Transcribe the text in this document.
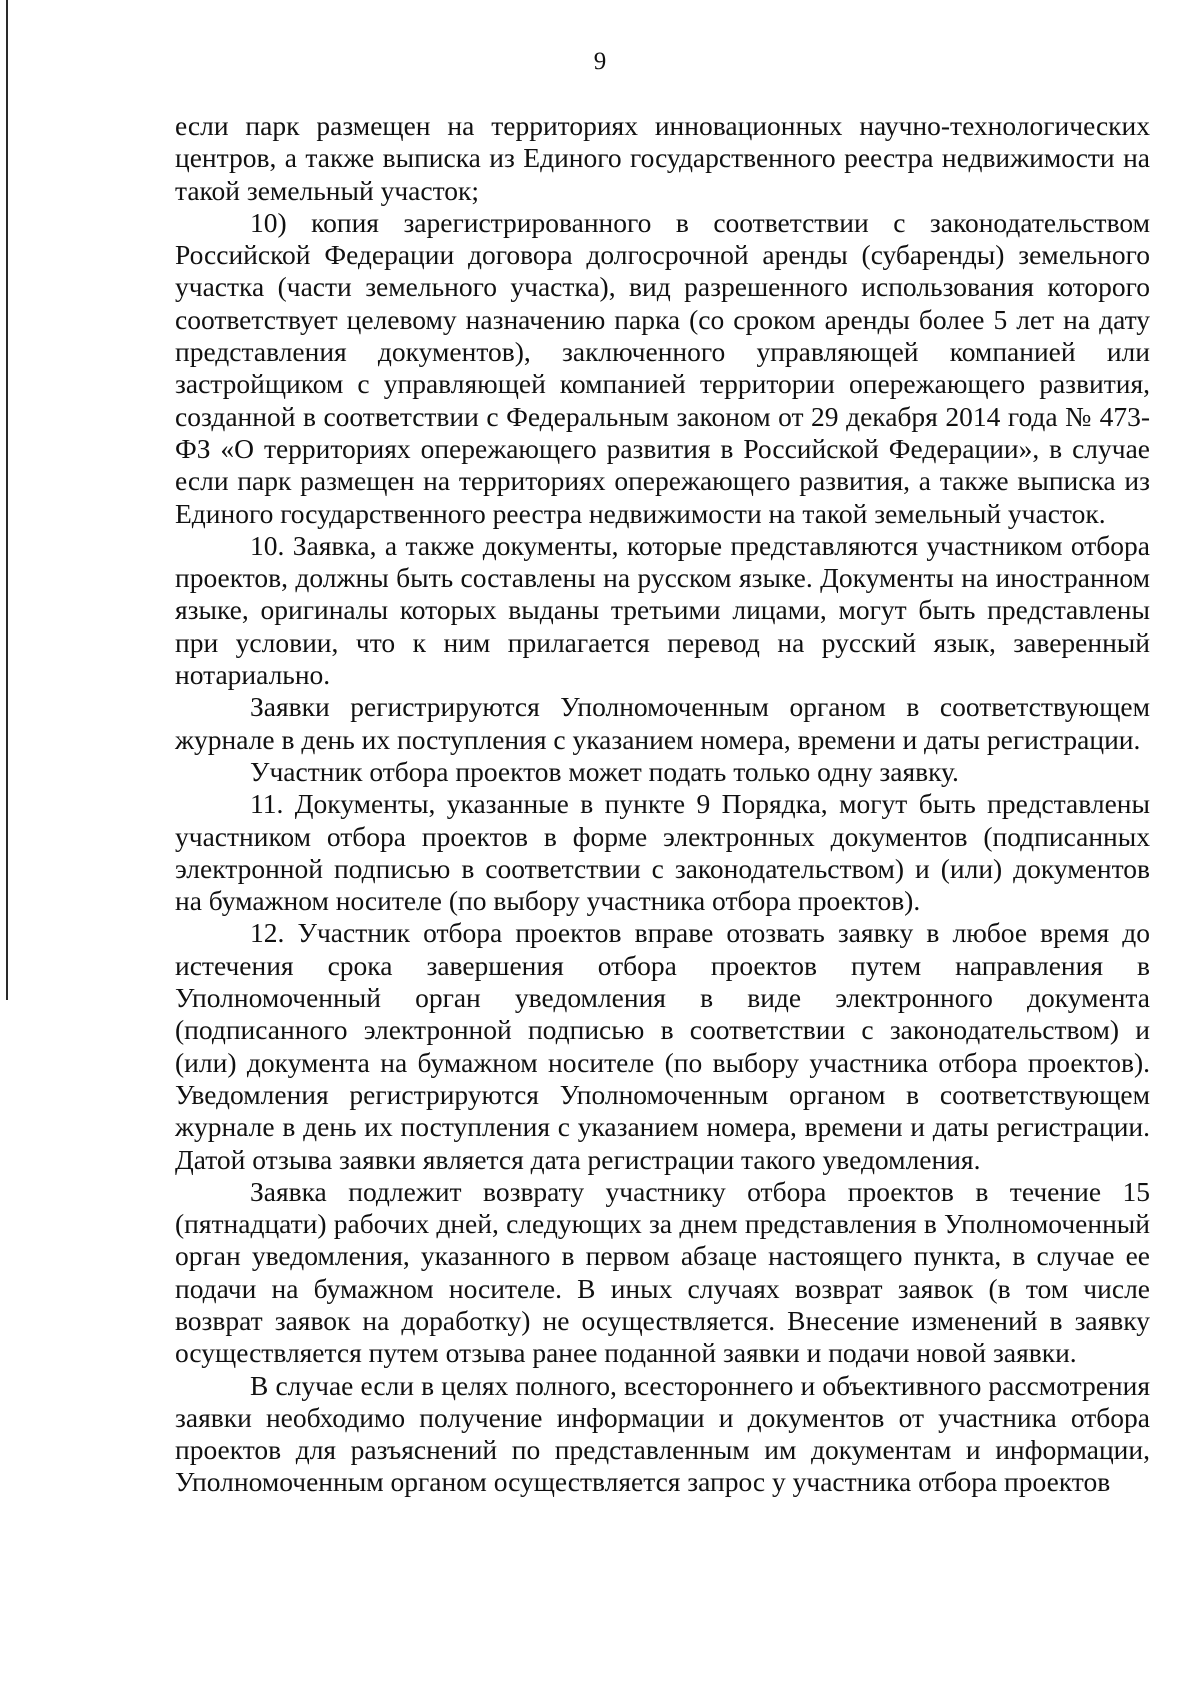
9

если парк размещен на территориях инновационных научно-технологических центров, а также выписка из Единого государственного реестра недвижимости на такой земельный участок;

10) копия зарегистрированного в соответствии с законодательством Российской Федерации договора долгосрочной аренды (субаренды) земельного участка (части земельного участка), вид разрешенного использования которого соответствует целевому назначению парка (со сроком аренды более 5 лет на дату представления документов), заключенного управляющей компанией или застройщиком с управляющей компанией территории опережающего развития, созданной в соответствии с Федеральным законом от 29 декабря 2014 года № 473-ФЗ «О территориях опережающего развития в Российской Федерации», в случае если парк размещен на территориях опережающего развития, а также выписка из Единого государственного реестра недвижимости на такой земельный участок.

10. Заявка, а также документы, которые представляются участником отбора проектов, должны быть составлены на русском языке. Документы на иностранном языке, оригиналы которых выданы третьими лицами, могут быть представлены при условии, что к ним прилагается перевод на русский язык, заверенный нотариально.

Заявки регистрируются Уполномоченным органом в соответствующем журнале в день их поступления с указанием номера, времени и даты регистрации.

Участник отбора проектов может подать только одну заявку.

11. Документы, указанные в пункте 9 Порядка, могут быть представлены участником отбора проектов в форме электронных документов (подписанных электронной подписью в соответствии с законодательством) и (или) документов на бумажном носителе (по выбору участника отбора проектов).

12. Участник отбора проектов вправе отозвать заявку в любое время до истечения срока завершения отбора проектов путем направления в Уполномоченный орган уведомления в виде электронного документа (подписанного электронной подписью в соответствии с законодательством) и (или) документа на бумажном носителе (по выбору участника отбора проектов). Уведомления регистрируются Уполномоченным органом в соответствующем журнале в день их поступления с указанием номера, времени и даты регистрации. Датой отзыва заявки является дата регистрации такого уведомления.

Заявка подлежит возврату участнику отбора проектов в течение 15 (пятнадцати) рабочих дней, следующих за днем представления в Уполномоченный орган уведомления, указанного в первом абзаце настоящего пункта, в случае ее подачи на бумажном носителе. В иных случаях возврат заявок (в том числе возврат заявок на доработку) не осуществляется. Внесение изменений в заявку осуществляется путем отзыва ранее поданной заявки и подачи новой заявки.

В случае если в целях полного, всестороннего и объективного рассмотрения заявки необходимо получение информации и документов от участника отбора проектов для разъяснений по представленным им документам и информации, Уполномоченным органом осуществляется запрос у участника отбора проектов
